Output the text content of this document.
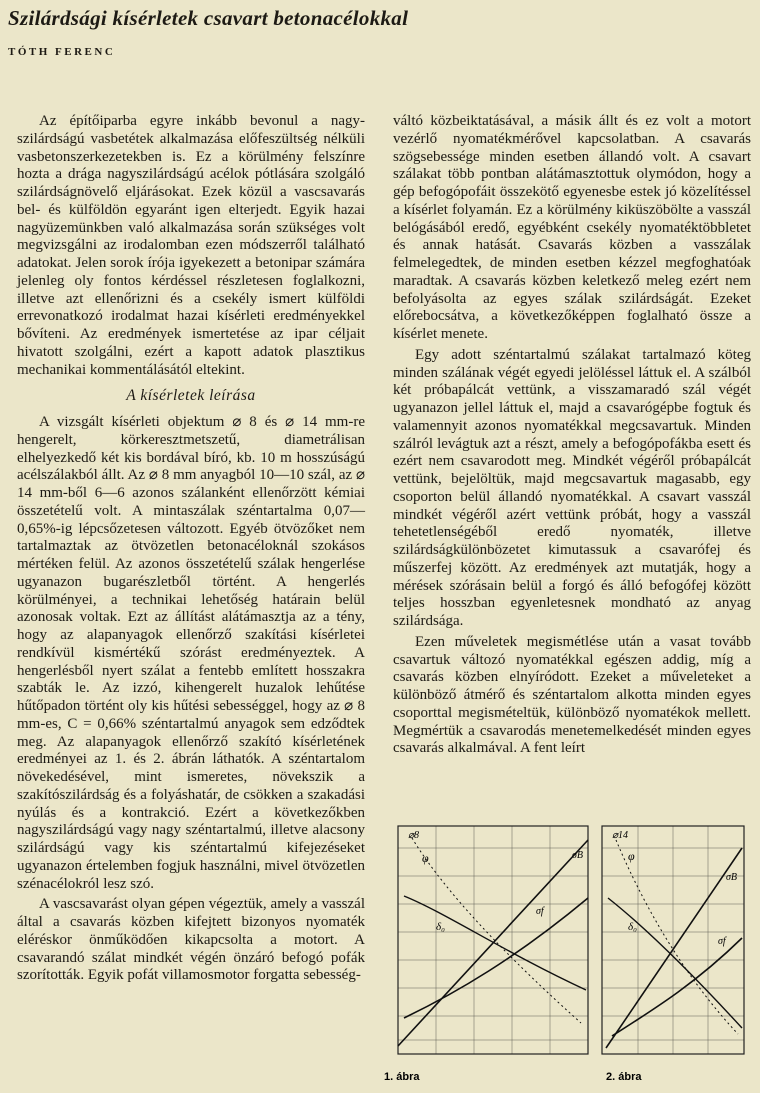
Szilárdsági kísérletek csavart betonacélokkal
TÓTH FERENC

Az építőiparba egyre inkább bevonul a nagy-szilárdságú vasbetétek alkalmazása előfeszültség nélküli vasbetonszerkezetekben is. Ez a körülmény felszínre hozta a drága nagyszilárdságú acélok pótlására szolgáló szilárdságnövelő eljárásokat. Ezek közül a vascsavarás bel- és külföldön egyaránt igen elterjedt. Egyik hazai nagyüzemünkben való alkalmazása során szükséges volt megvizsgálni az irodalomban ezen módszerről található adatokat. Jelen sorok írója igyekezett a betonipar számára jelenleg oly fontos kérdéssel részletesen foglalkozni, illetve azt ellenőrizni és a csekély ismert külföldi errevonatkozó irodalmat hazai kísérleti eredményekkel bővíteni. Az eredmények ismertetése az ipar céljait hivatott szolgálni, ezért a kapott adatok plasztikus mechanikai kommentálásától eltekint.

A kísérletek leírása

A vizsgált kísérleti objektum ⌀ 8 és ⌀ 14 mm-re hengerelt, körkeresztmetszetű, diametrálisan elhelyezkedő két kis bordával bíró, kb. 10 m hosszúságú acélszálakból állt. Az ⌀ 8 mm anyagból 10—10 szál, az ⌀ 14 mm-ből 6—6 azonos szálanként ellenőrzött kémiai összetételű volt. A mintaszálak széntartalma 0,07—0,65%-ig lépcsőzetesen változott. Egyéb ötvözőket nem tartalmaztak az ötvözetlen betonacéloknál szokásos mértéken felül. Az azonos összetételű szálak hengerlése ugyanazon bugarészletből történt. A hengerlés körülményei, a technikai lehetőség határain belül azonosak voltak. Ezt az állítást alátámasztja az a tény, hogy az alapanyagok ellenőrző szakítási kísérletei rendkívül kismértékű szórást eredményeztek. A hengerlésből nyert szálat a fentebb említett hosszakra szabták le. Az izzó, kihengerelt huzalok lehűtése hűtőpadon történt oly kis hűtési sebességgel, hogy az ⌀ 8 mm-es, C = 0,66% széntartalmú anyagok sem edződtek meg. Az alapanyagok ellenőrző szakító kísérletének eredményei az 1. és 2. ábrán láthatók. A széntartalom növekedésével, mint ismeretes, növekszik a szakítószilárdság és a folyáshatár, de csökken a szakadási nyúlás és a kontrakció. Ezért a következőkben nagyszilárdságú vagy nagy széntartalmú, illetve alacsony szilárdságú vagy kis széntartalmú kifejezéseket ugyanazon értelemben fogjuk használni, mivel ötvözetlen szénacélokról lesz szó.

A vascsavarást olyan gépen végeztük, amely a vasszál által a csavarás közben kifejtett bizonyos nyomaték eléréskor önműködően kikapcsolta a motort. A csavarandó szálat mindkét végén önzáró befogó pofák szorították. Egyik pofát villamosmotor forgatta sebesség-

váltó közbeiktatásával, a másik állt és ez volt a motort vezérlő nyomatékmérővel kapcsolatban. A csavarás szögsebessége minden esetben állandó volt. A csavart szálakat több pontban alátámasztottuk olymódon, hogy a gép befogópofáit összekötő egyenesbe estek jó közelítéssel a kísérlet folyamán. Ez a körülmény kiküszöbölte a vasszál belógásából eredő, egyébként csekély nyomatéktöbbletet és annak hatását. Csavarás közben a vasszálak felmelegedtek, de minden esetben kézzel megfoghatóak maradtak. A csavarás közben keletkező meleg ezért nem befolyásolta az egyes szálak szilárdságát. Ezeket előrebocsátva, a következőképpen foglalható össze a kísérlet menete.

Egy adott széntartalmú szálakat tartalmazó köteg minden szálának végét egyedi jelöléssel láttuk el. A szálból két próbapálcát vettünk, a visszamaradó szál végét ugyanazon jellel láttuk el, majd a csavarógépbe fogtuk és valamennyit azonos nyomatékkal megcsavartuk. Minden szálról levágtuk azt a részt, amely a befogópofákba esett és ezért nem csavarodott meg. Mindkét végéről próbapálcát vettünk, bejelöltük, majd megcsavartuk magasabb, egy csoporton belül állandó nyomatékkal. A csavart vasszál mindkét végéről azért vettünk próbát, hogy a vasszál tehetetlenségéből eredő nyomaték, illetve szilárdságkülönbözetet kimutassuk a csavarófej és műszerfej között. Az eredmények azt mutatják, hogy a mérések szórásain belül a forgó és álló befogófej között teljes hosszban egyenletesnek mondható az anyag szilárdsága.

Ezen műveletek megismétlése után a vasat tovább csavartuk változó nyomatékkal egészen addig, míg a csavarás közben elnyíródott. Ezeket a műveleteket a különböző átmérő és széntartalom alkotta minden egyes csoporttal megismételtük, különböző nyomatékok mellett. Megmértük a csavarodás menetemelkedését minden egyes csavarás alkalmával. A fent leírt

⌀8
φ
δ₀
σf
σB
1. ábra
⌀14
φ
δ₀
σf
σB
2. ábra
